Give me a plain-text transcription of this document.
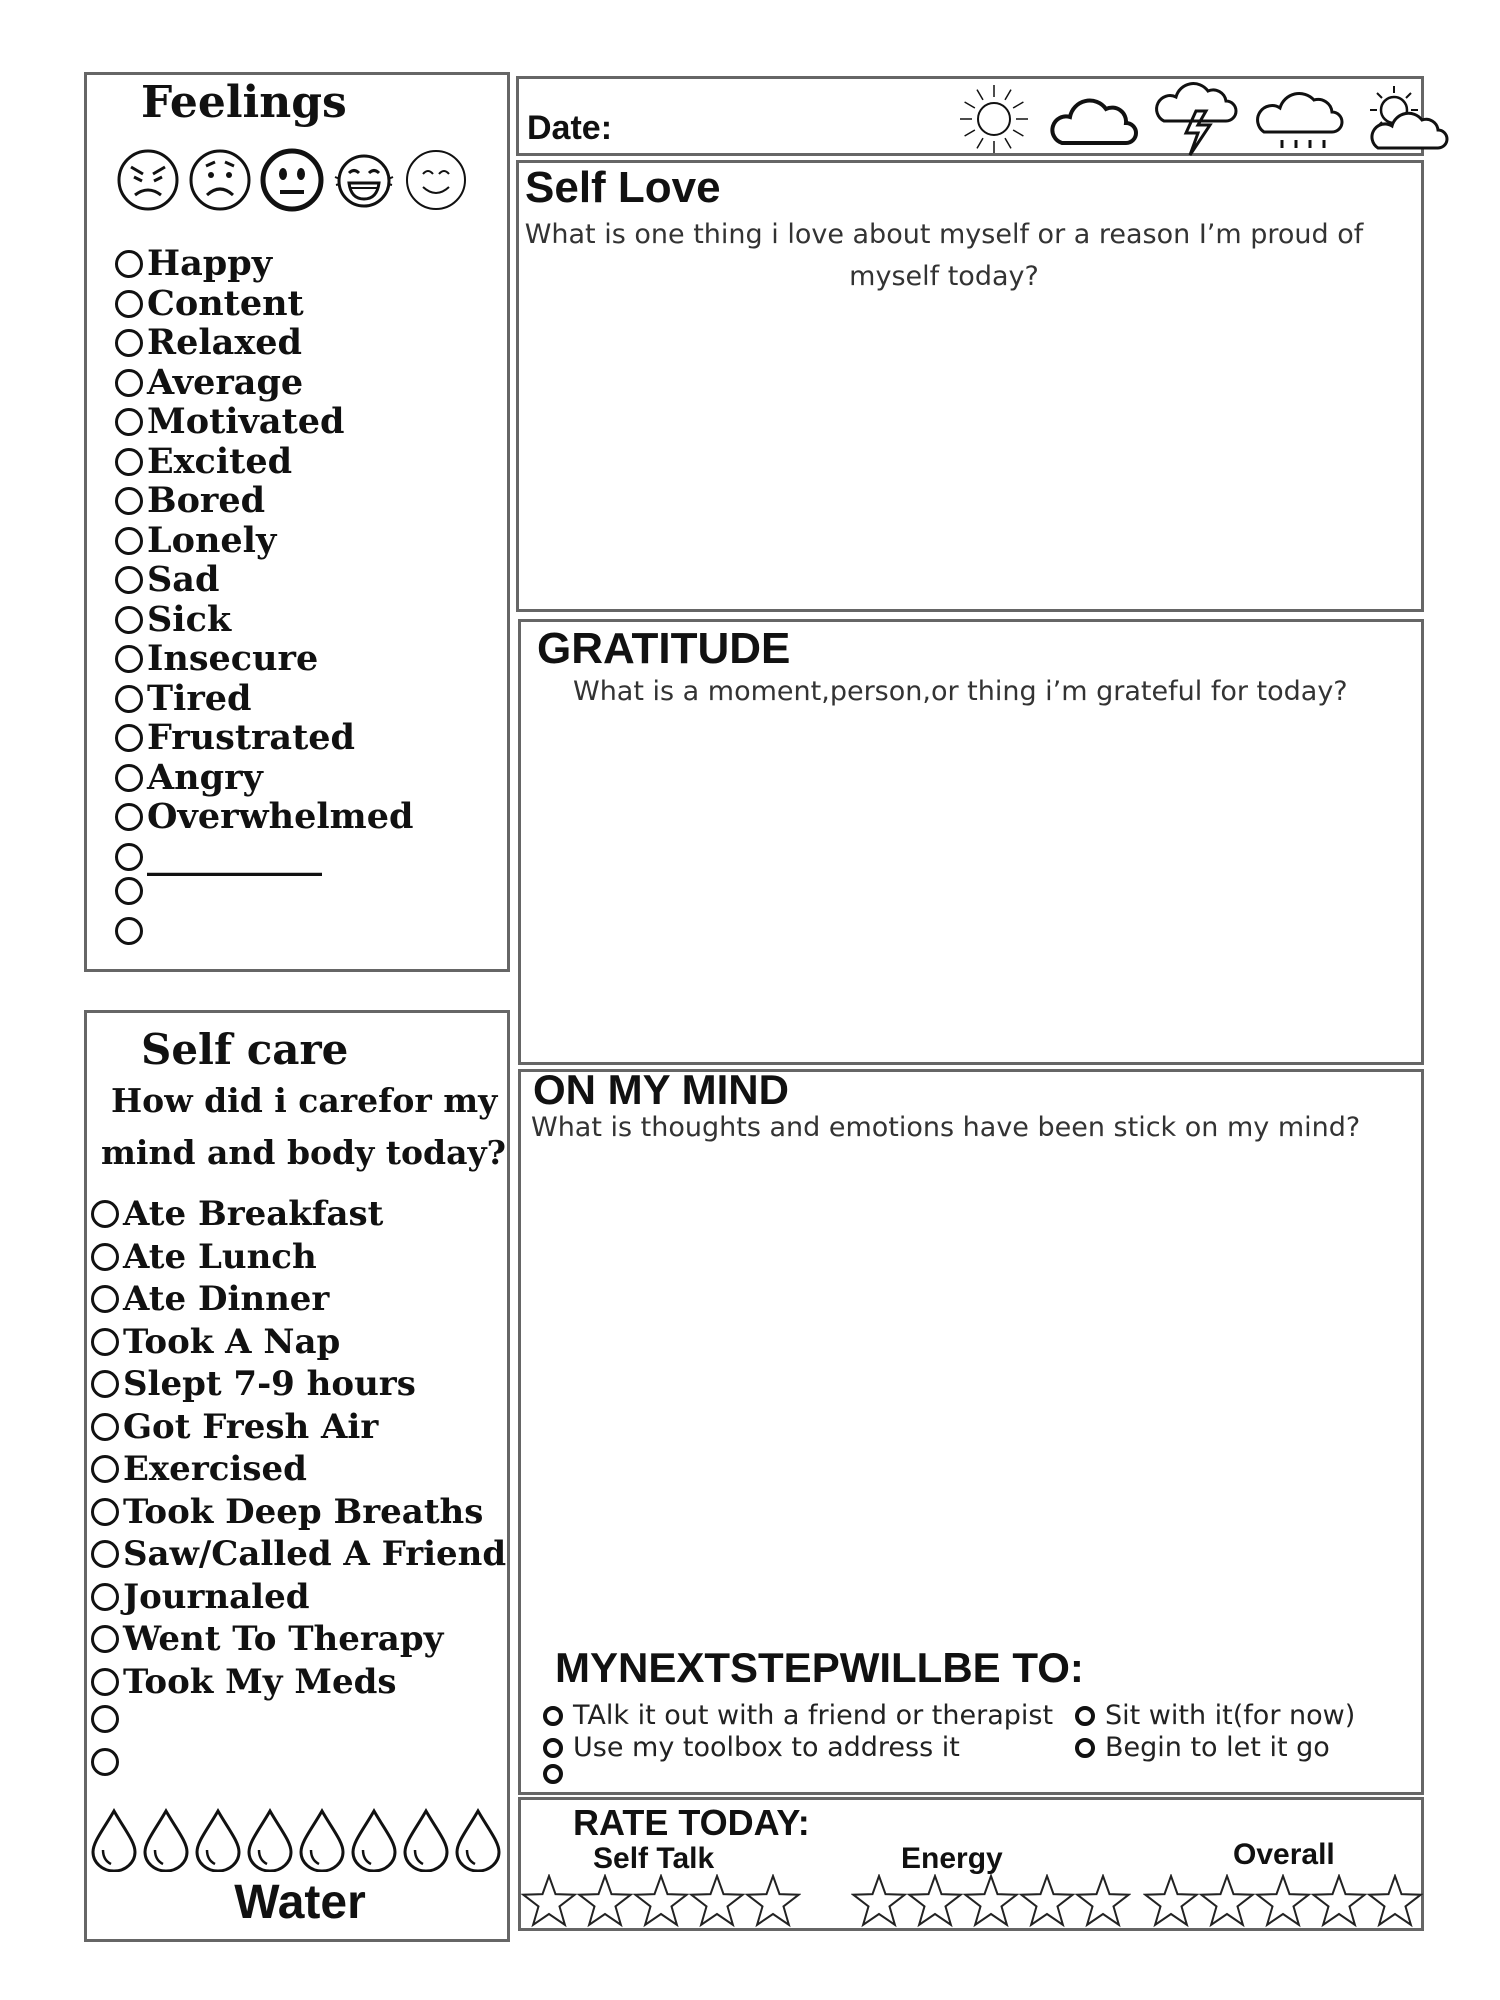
Feelings
Happy
Content
Relaxed
Average
Motivated
Excited
Bored
Lonely
Sad
Sick
Insecure
Tired
Frustrated
Angry
Overwhelmed
__________
Self care
How did i carefor my
mind and body today?
Ate Breakfast
Ate Lunch
Ate Dinner
Took A Nap
Slept 7-9 hours
Got Fresh Air
Exercised
Took Deep Breaths
Saw/Called A Friend
Journaled
Went To Therapy
Took My Meds
Water
Date:
Self Love
What is one thing i love about myself or a reason I’m proud of
myself today?
GRATITUDE
What is a moment,person,or thing i’m grateful for today?
ON MY MIND
What is thoughts and emotions have been stick on my mind?
MYNEXTSTEPWILLBE TO:
TAlk it out with a friend or therapist
Use my toolbox to address it
Sit with it(for now)
Begin to let it go
RATE TODAY:
Self Talk	Energy	Overall
